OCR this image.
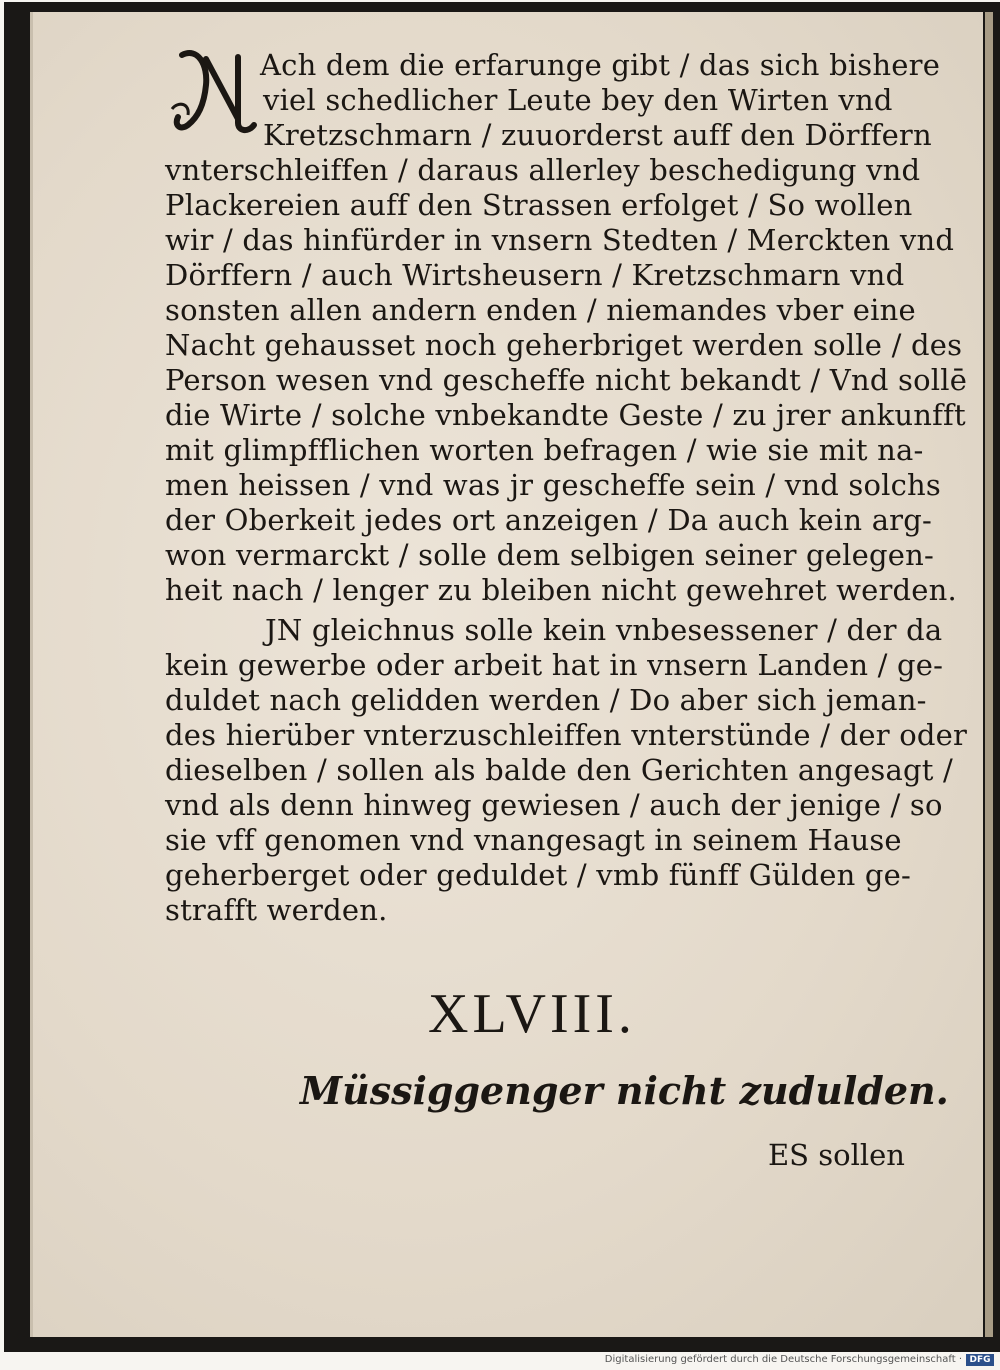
Ach dem die erfarunge gibt / das sich bishere
viel schedlicher Leute bey den Wirten vnd
Kretzschmarn / zuuorderst auff den Dörffern
vnterschleiffen / daraus allerley beschedigung vnd
Plackereien auff den Strassen erfolget / So wollen
wir / das hinfürder in vnsern Stedten / Merckten vnd
Dörffern / auch Wirtsheusern / Kretzschmarn vnd
sonsten allen andern enden / niemandes vber eine
Nacht gehausset noch geherbriget werden solle / des
Person wesen vnd gescheffe nicht bekandt / Vnd sollē
die Wirte / solche vnbekandte Geste / zu jrer ankunfft
mit glimpfflichen worten befragen / wie sie mit na-
men heissen / vnd was jr gescheffe sein / vnd solchs
der Oberkeit jedes ort anzeigen / Da auch kein arg-
won vermarckt / solle dem selbigen seiner gelegen-
heit nach / lenger zu bleiben nicht gewehret werden.
JN gleichnus solle kein vnbesessener / der da
kein gewerbe oder arbeit hat in vnsern Landen / ge-
duldet nach gelidden werden / Do aber sich jeman-
des hierüber vnterzuschleiffen vnterstünde / der oder
dieselben / sollen als balde den Gerichten angesagt /
vnd als denn hinweg gewiesen / auch der jenige / so
sie vff genomen vnd vnangesagt in seinem Hause
geherberget oder geduldet / vmb fünff Gülden ge-
strafft werden.
XLVIII.
Müssiggenger nicht zudulden.
ES sollen
Digitalisierung gefördert durch die Deutsche Forschungsgemeinschaft · DFG
